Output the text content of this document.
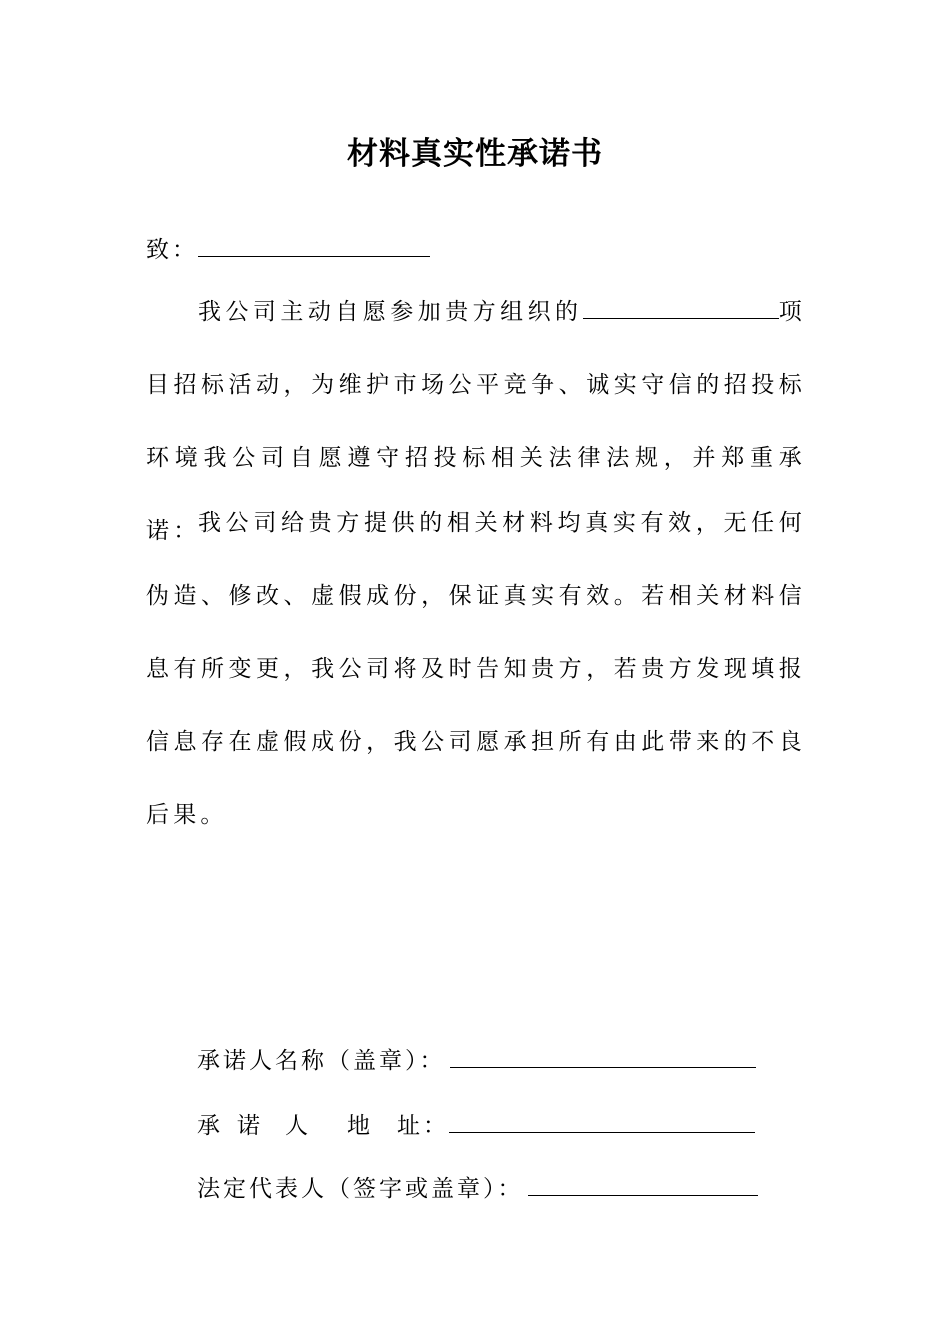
材料真实性承诺书
致：

我公司主动自愿参加贵方组织的	项目招标活动，为维护市场公平竞争、诚实守信的招投标环境我公司自愿遵守招投标相关法律法规，并郑重承诺：

我公司给贵方提供的相关材料均真实有效，无任何伪造、修改、虚假成份，保证真实有效。若相关材料信息有所变更，我公司将及时告知贵方，若贵方发现填报信息存在虚假成份，我公司愿承担所有由此带来的不良后果。

承诺人名称（盖章）：
承 诺 人 地 址：
法定代表人（签字或盖章）：
